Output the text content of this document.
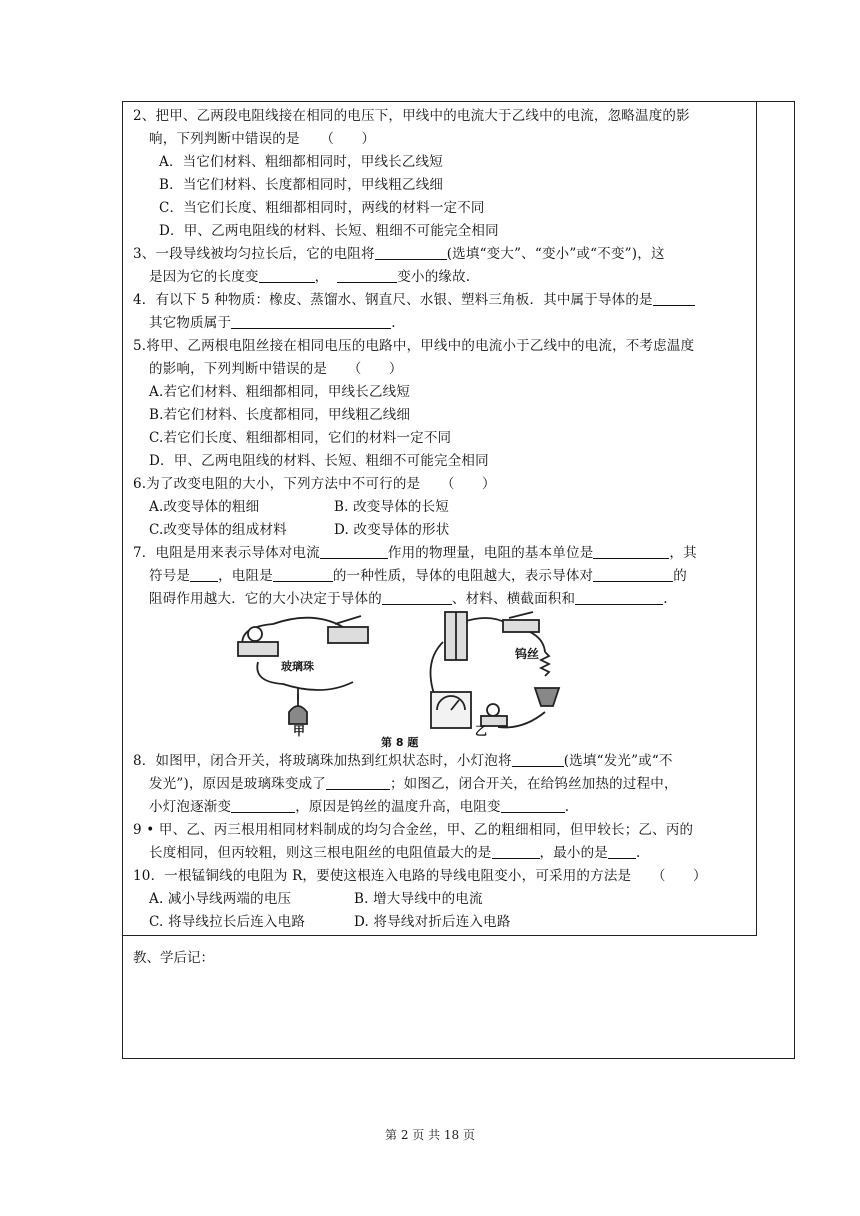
2、把甲、乙两段电阻线接在相同的电压下，甲线中的电流大于乙线中的电流，忽略温度的影
响，下列判断中错误的是　　（　　）
A．当它们材料、粗细都相同时，甲线长乙线短
B．当它们材料、长度都相同时，甲线粗乙线细
C．当它们长度、粗细都相同时，两线的材料一定不同
D．甲、乙两电阻线的材料、长短、粗细不可能完全相同
3、一段导线被均匀拉长后，它的电阻将	(选填“变大”、“变小”或“不变”)，这
是因为它的长度变	，	变小的缘故.
4．有以下 5 种物质：橡皮、蒸馏水、钢直尺、水银、塑料三角板．其中属于导体的是
其它物质属于	.
5.将甲、乙两根电阻丝接在相同电压的电路中，甲线中的电流小于乙线中的电流，不考虑温度
的影响，下列判断中错误的是　　（　　）
A.若它们材料、粗细都相同，甲线长乙线短
B.若它们材料、长度都相同，甲线粗乙线细
C.若它们长度、粗细都相同，它们的材料一定不同
D．甲、乙两电阻线的材料、长短、粗细不可能完全相同
6.为了改变电阻的大小，下列方法中不可行的是　　（　　）
A.改变导体的粗细	B. 改变导体的长短
C.改变导体的组成材料	D. 改变导体的形状
7．电阻是用来表示导体对电流	作用的物理量，电阻的基本单位是	，其
符号是 ，电阻是	的一种性质，导体的电阻越大，表示导体对	的
阻碍作用越大．它的大小决定于导体的	、材料、横截面积和	.
玻璃珠
钨丝
甲	乙
第 8 题
8．如图甲，闭合开关，将玻璃珠加热到红炽状态时，小灯泡将	(选填“发光”或“不
发光”)，原因是玻璃珠变成了	；如图乙，闭合开关，在给钨丝加热的过程中，
小灯泡逐渐变	，原因是钨丝的温度升高，电阻变	.
9 • 甲、乙、丙三根用相同材料制成的均匀合金丝，甲、乙的粗细相同，但甲较长；乙、丙的
长度相同，但丙较粗，则这三根电阻丝的电阻值最大的是	，最小的是 .
10．一根锰铜线的电阻为 R，要使这根连入电路的导线电阻变小，可采用的方法是　　（　　）
A. 减小导线两端的电压	B. 增大导线中的电流
C. 将导线拉长后连入电路	D. 将导线对折后连入电路
教、学后记：
第 2 页 共 18 页
